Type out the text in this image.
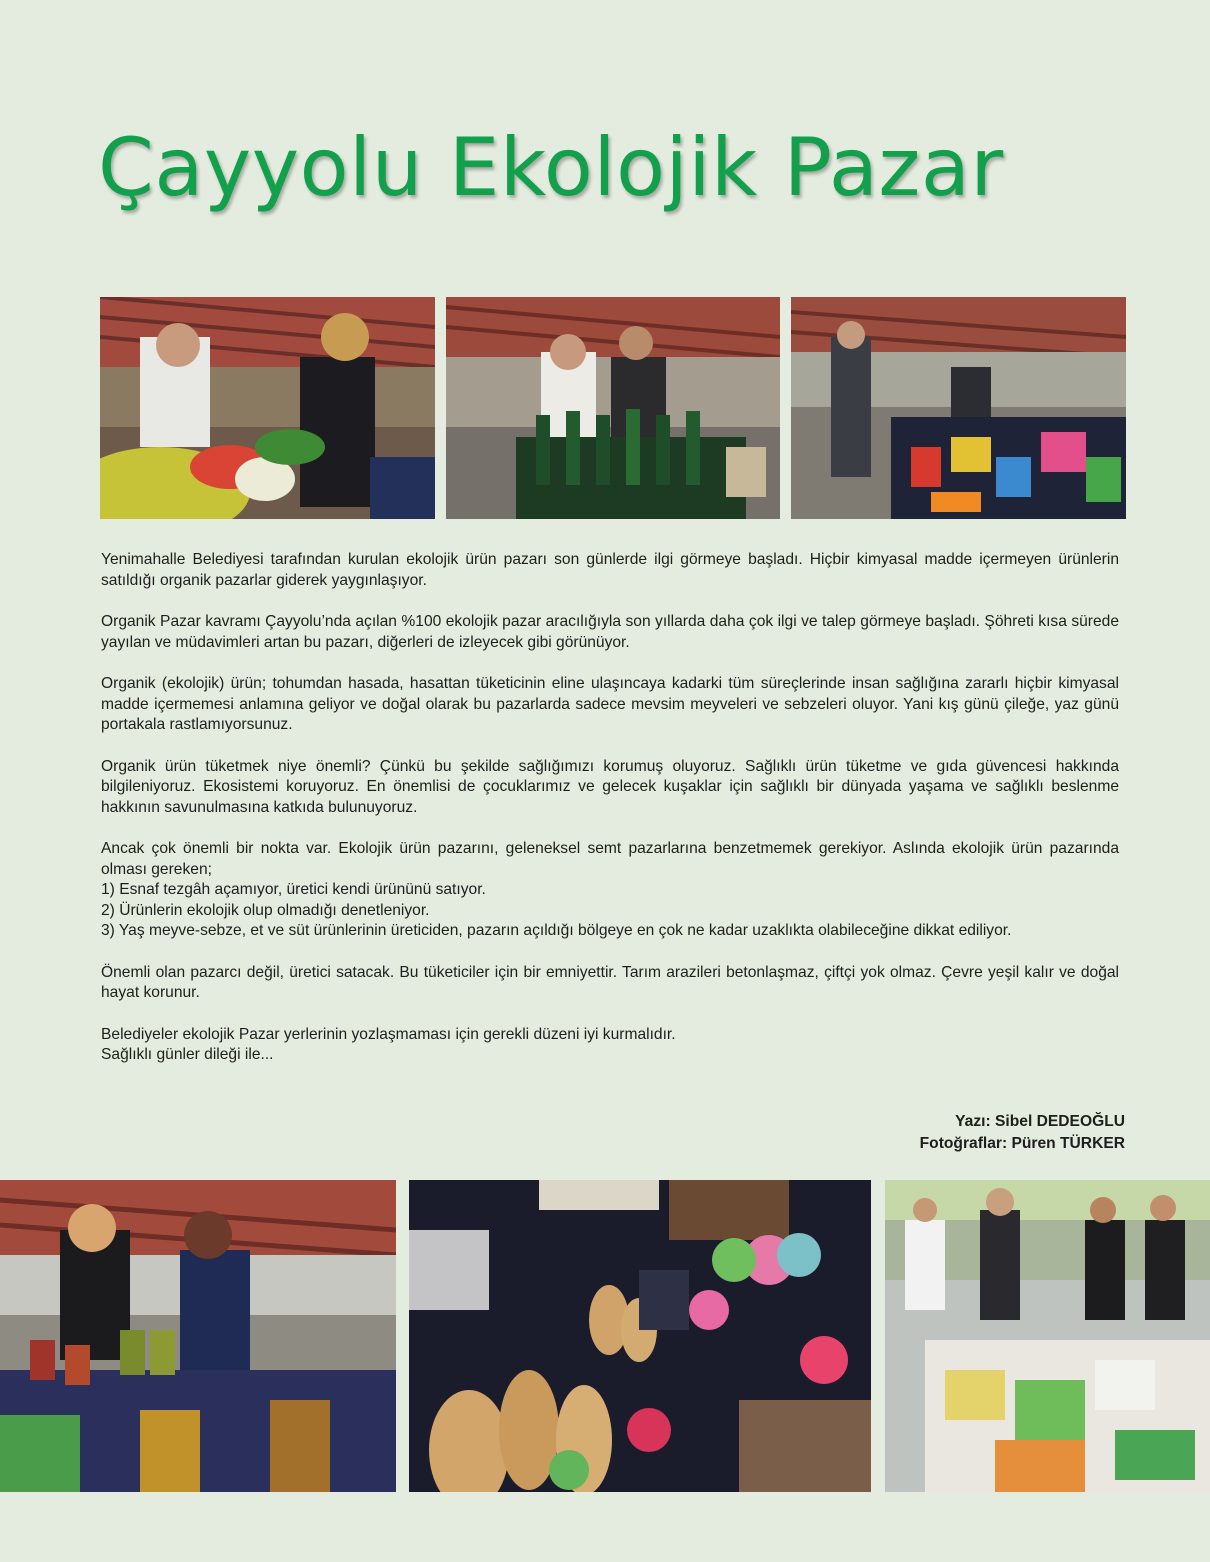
Çayyolu Ekolojik Pazar

Yenimahalle Belediyesi tarafından kurulan ekolojik ürün pazarı son günlerde ilgi görmeye başladı. Hiçbir kimyasal madde içermeyen ürünlerin satıldığı organik pazarlar giderek yaygınlaşıyor.

Organik Pazar kavramı Çayyolu’nda açılan %100 ekolojik pazar aracılığıyla son yıllarda daha çok ilgi ve talep görmeye başladı. Şöhreti kısa sürede yayılan ve müdavimleri artan bu pazarı, diğerleri de izleyecek gibi görünüyor.

Organik (ekolojik) ürün; tohumdan hasada, hasattan tüketicinin eline ulaşıncaya kadarki tüm süreçlerinde insan sağlığına zararlı hiçbir kimyasal madde içermemesi anlamına geliyor ve doğal olarak bu pazarlarda sadece mevsim meyveleri ve sebzeleri oluyor. Yani kış günü çileğe, yaz günü portakala rastlamıyorsunuz.

Organik ürün tüketmek niye önemli? Çünkü bu şekilde sağlığımızı korumuş oluyoruz. Sağlıklı ürün tüketme ve gıda güvencesi hakkında bilgileniyoruz. Ekosistemi koruyoruz. En önemlisi de çocuklarımız ve gelecek kuşaklar için sağlıklı bir dünyada yaşama ve sağlıklı beslenme hakkının savunulmasına katkıda bulunuyoruz.

Ancak çok önemli bir nokta var. Ekolojik ürün pazarını, geleneksel semt pazarlarına benzetmemek gerekiyor. Aslında ekolojik ürün pazarında olması gereken;

1) Esnaf tezgâh açamıyor, üretici kendi ürününü satıyor.
2) Ürünlerin ekolojik olup olmadığı denetleniyor.
3) Yaş meyve-sebze, et ve süt ürünlerinin üreticiden, pazarın açıldığı bölgeye en çok ne kadar uzaklıkta olabileceğine dikkat ediliyor.

Önemli olan pazarcı değil, üretici satacak. Bu tüketiciler için bir emniyettir. Tarım arazileri betonlaşmaz, çiftçi yok olmaz. Çevre yeşil kalır ve doğal hayat korunur.

Belediyeler ekolojik Pazar yerlerinin yozlaşmaması için gerekli düzeni iyi kurmalıdır.
Sağlıklı günler dileği ile...
Yazı: Sibel DEDEOĞLU
Fotoğraflar: Püren TÜRKER
